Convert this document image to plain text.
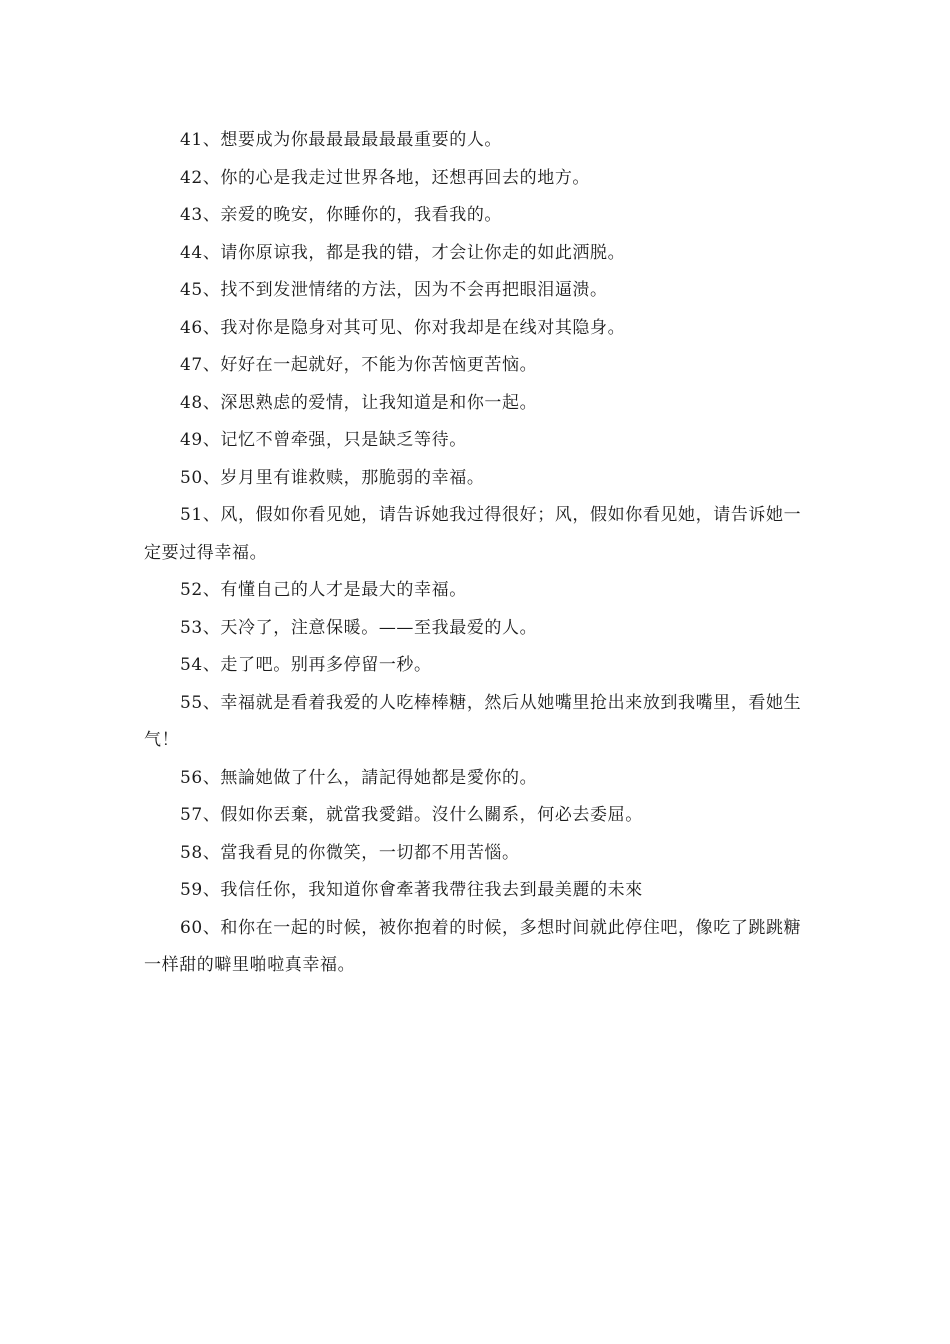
41、想要成为你最最最最最最重要的人。

42、你的心是我走过世界各地，还想再回去的地方。

43、亲爱的晚安，你睡你的，我看我的。

44、请你原谅我，都是我的错，才会让你走的如此洒脱。

45、找不到发泄情绪的方法，因为不会再把眼泪逼溃。

46、我对你是隐身对其可见、你对我却是在线对其隐身。

47、好好在一起就好，不能为你苦恼更苦恼。

48、深思熟虑的爱情，让我知道是和你一起。

49、记忆不曾牵强，只是缺乏等待。

50、岁月里有谁救赎，那脆弱的幸福。

51、风，假如你看见她，请告诉她我过得很好；风，假如你看见她，请告诉她一定要过得幸福。

52、有懂自己的人才是最大的幸福。

53、天冷了，注意保暖。——至我最爱的人。

54、走了吧。别再多停留一秒。

55、幸福就是看着我爱的人吃棒棒糖，然后从她嘴里抢出来放到我嘴里，看她生气！

56、無論她做了什么，請記得她都是愛你的。

57、假如你丟棄，就當我愛錯。沒什么關系，何必去委屈。

58、當我看見的你微笑，一切都不用苦惱。

59、我信任你，我知道你會牽著我帶往我去到最美麗的未來

60、和你在一起的时候，被你抱着的时候，多想时间就此停住吧，像吃了跳跳糖一样甜的噼里啪啦真幸福。
